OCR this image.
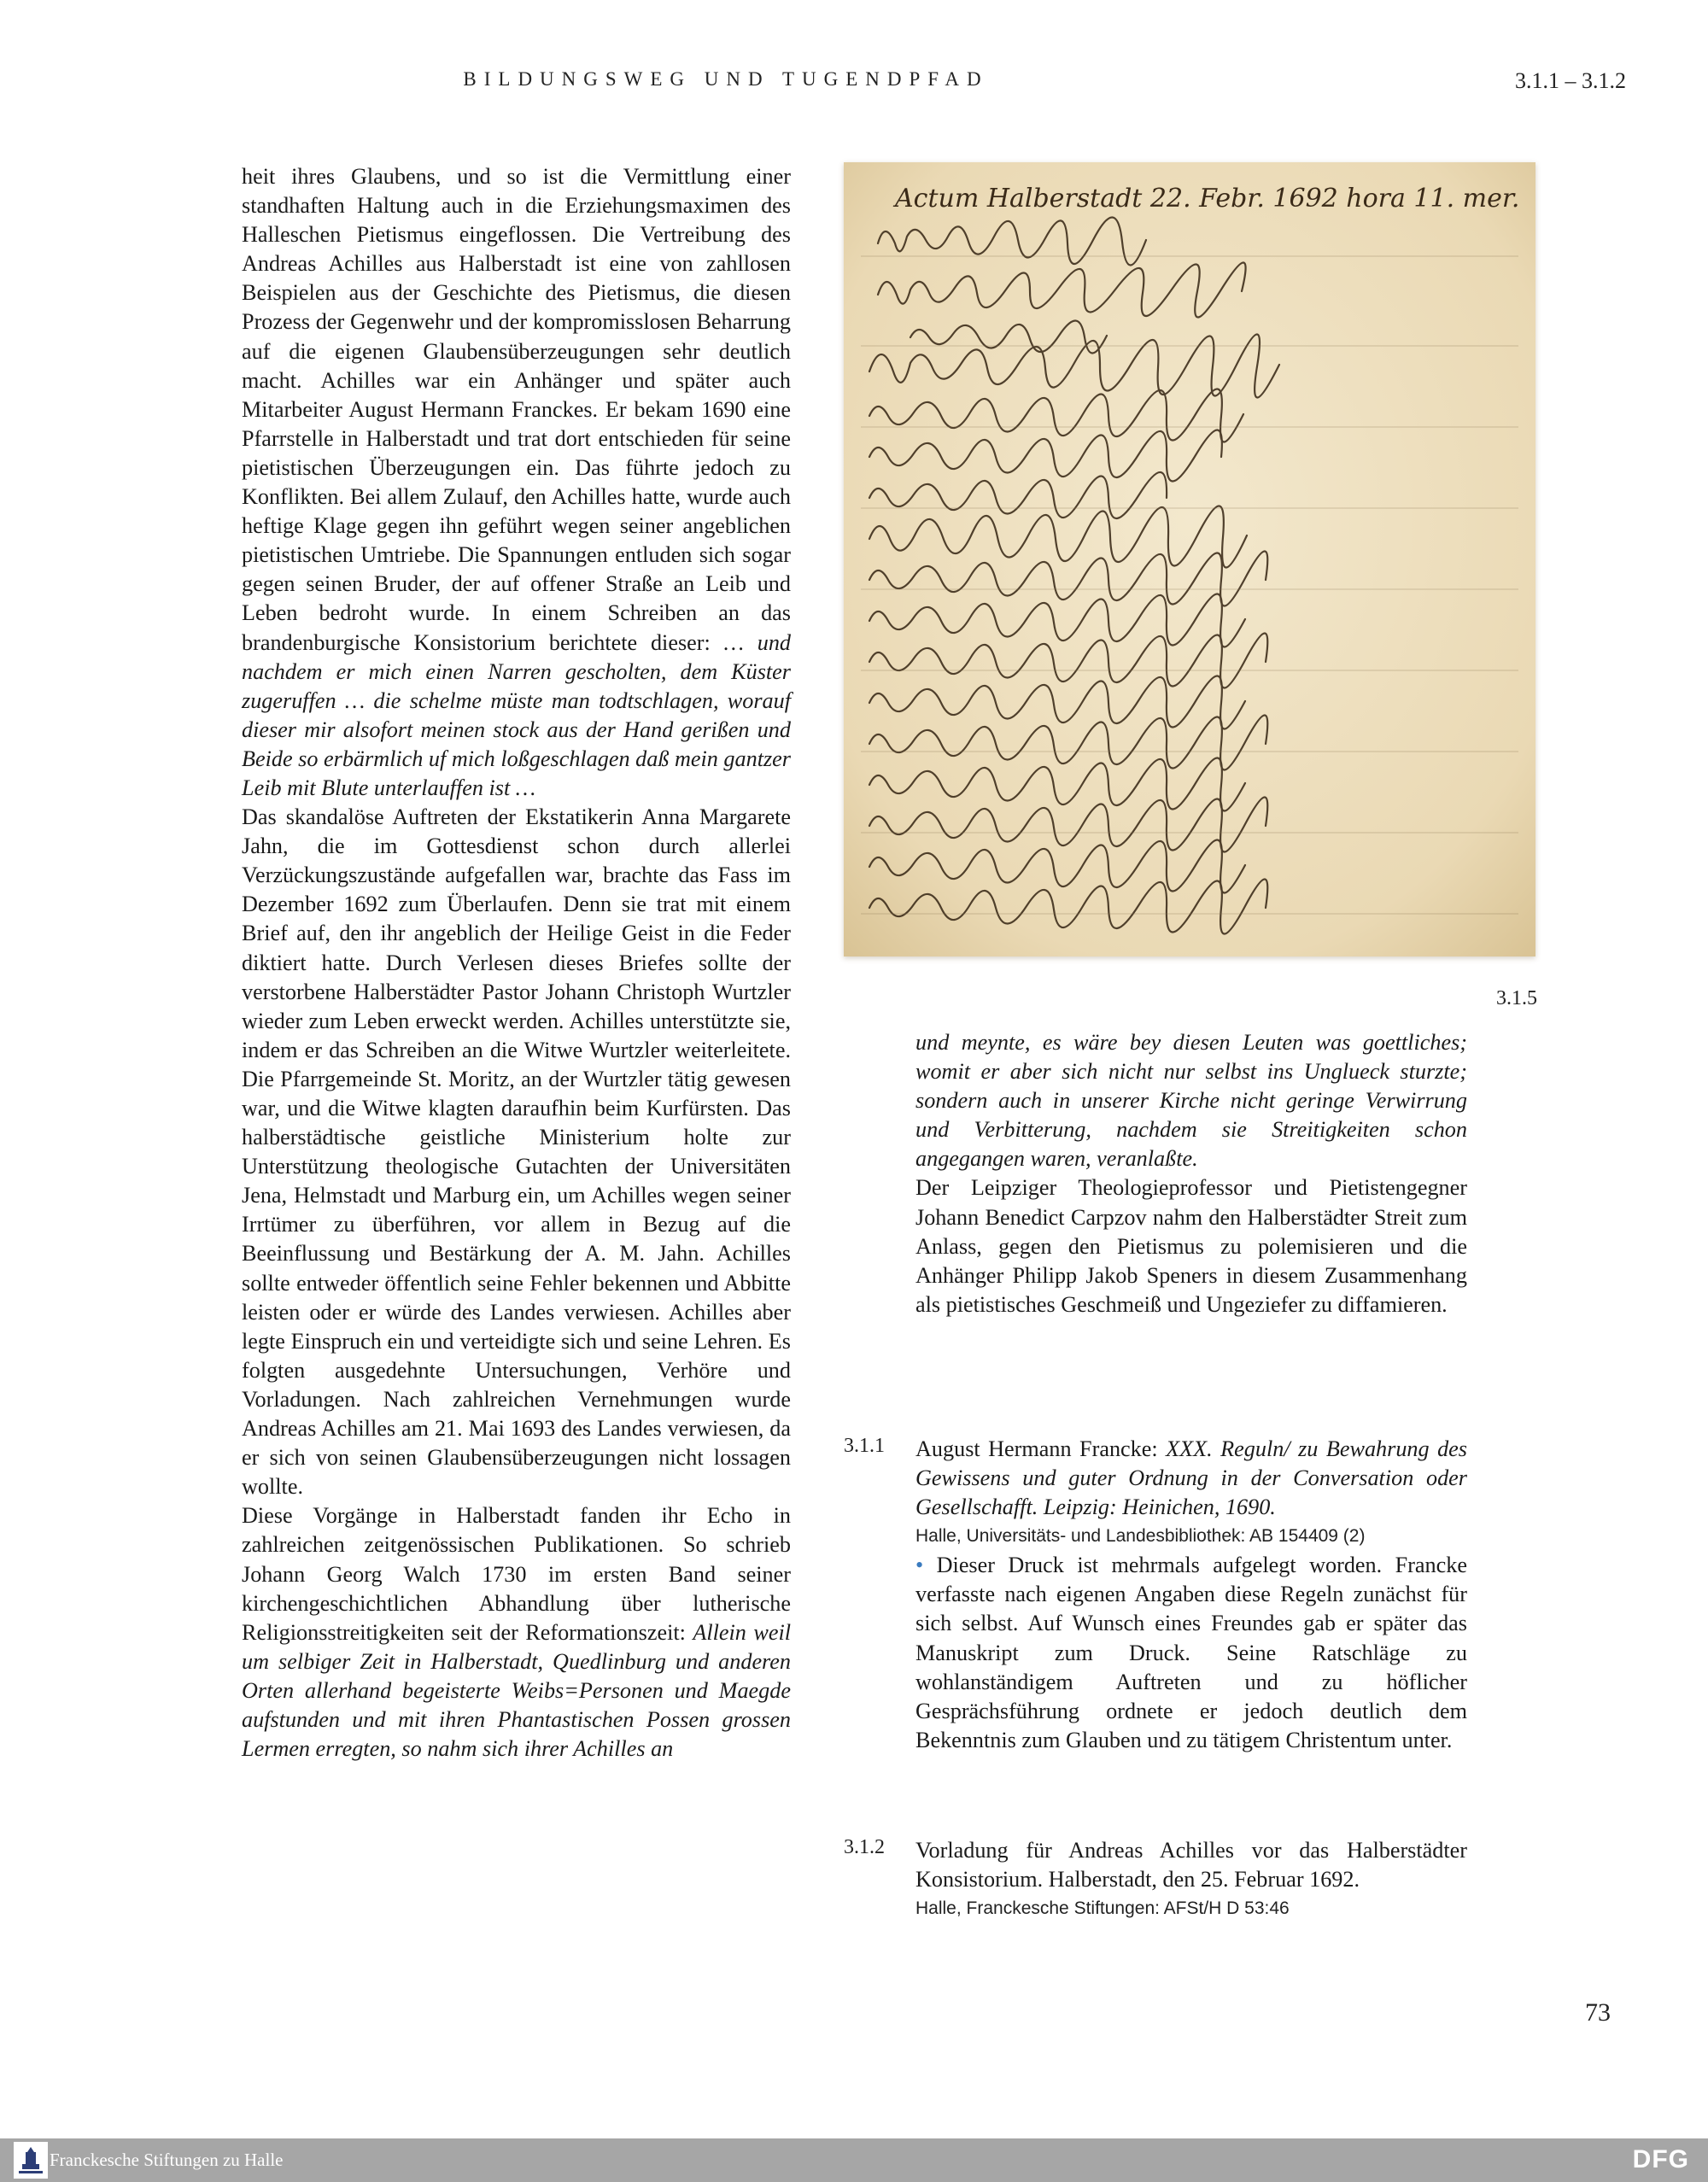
BILDUNGSWEG UND TUGENDPFAD	3.1.1 – 3.1.2

heit ihres Glaubens, und so ist die Vermittlung einer standhaften Haltung auch in die Erziehungsmaximen des Halleschen Pietismus eingeflossen. Die Vertreibung des Andreas Achilles aus Halberstadt ist eine von zahllosen Beispielen aus der Geschichte des Pietismus, die diesen Prozess der Gegenwehr und der kompromisslosen Beharrung auf die eigenen Glaubensüberzeugungen sehr deutlich macht. Achilles war ein Anhänger und später auch Mitarbeiter August Hermann Franckes. Er bekam 1690 eine Pfarrstelle in Halberstadt und trat dort entschieden für seine pietistischen Überzeugungen ein. Das führte jedoch zu Konflikten. Bei allem Zulauf, den Achilles hatte, wurde auch heftige Klage gegen ihn geführt wegen seiner angeblichen pietistischen Umtriebe. Die Spannungen entluden sich sogar gegen seinen Bruder, der auf offener Straße an Leib und Leben bedroht wurde. In einem Schreiben an das brandenburgische Konsistorium berichtete dieser: … und nachdem er mich einen Narren gescholten, dem Küster zugeruffen … die schelme müste man todtschlagen, worauf dieser mir alsofort meinen stock aus der Hand gerißen und Beide so erbärmlich uf mich loßgeschlagen daß mein gantzer Leib mit Blute unterlauffen ist …

Das skandalöse Auftreten der Ekstatikerin Anna Margarete Jahn, die im Gottesdienst schon durch allerlei Verzückungszustände aufgefallen war, brachte das Fass im Dezember 1692 zum Überlaufen. Denn sie trat mit einem Brief auf, den ihr angeblich der Heilige Geist in die Feder diktiert hatte. Durch Verlesen dieses Briefes sollte der verstorbene Halberstädter Pastor Johann Christoph Wurtzler wieder zum Leben erweckt werden. Achilles unterstützte sie, indem er das Schreiben an die Witwe Wurtzler weiterleitete. Die Pfarrgemeinde St. Moritz, an der Wurtzler tätig gewesen war, und die Witwe klagten daraufhin beim Kurfürsten. Das halberstädtische geistliche Ministerium holte zur Unterstützung theologische Gutachten der Universitäten Jena, Helmstadt und Marburg ein, um Achilles wegen seiner Irrtümer zu überführen, vor allem in Bezug auf die Beeinflussung und Bestärkung der A. M. Jahn. Achilles sollte entweder öffentlich seine Fehler bekennen und Abbitte leisten oder er würde des Landes verwiesen. Achilles aber legte Einspruch ein und verteidigte sich und seine Lehren. Es folgten ausgedehnte Untersuchungen, Verhöre und Vorladungen. Nach zahlreichen Vernehmungen wurde Andreas Achilles am 21. Mai 1693 des Landes verwiesen, da er sich von seinen Glaubensüberzeugungen nicht lossagen wollte.

Diese Vorgänge in Halberstadt fanden ihr Echo in zahlreichen zeitgenössischen Publikationen. So schrieb Johann Georg Walch 1730 im ersten Band seiner kirchengeschichtlichen Abhandlung über lutherische Religionsstreitigkeiten seit der Reformationszeit: Allein weil um selbiger Zeit in Halberstadt, Quedlinburg und anderen Orten allerhand begeisterte Weibs=Personen und Maegde aufstunden und mit ihren Phantastischen Possen grossen Lermen erregten, so nahm sich ihrer Achilles an

Actum Halberstadt 22. Febr. 1692 hora 11. mer.
3.1.5

und meynte, es wäre bey diesen Leuten was goettliches; womit er aber sich nicht nur selbst ins Unglueck sturzte; sondern auch in unserer Kirche nicht geringe Verwirrung und Verbitterung, nachdem sie Streitigkeiten schon angegangen waren, veranlaßte.

Der Leipziger Theologieprofessor und Pietistengegner Johann Benedict Carpzov nahm den Halberstädter Streit zum Anlass, gegen den Pietismus zu polemisieren und die Anhänger Philipp Jakob Speners in diesem Zusammenhang als pietistisches Geschmeiß und Ungeziefer zu diffamieren.

3.1.1 August Hermann Francke: XXX. Reguln/ zu Bewahrung des Gewissens und guter Ordnung in der Conversation oder Gesellschafft. Leipzig: Heinichen, 1690.
Halle, Universitäts- und Landesbibliothek: AB 154409 (2)
• Dieser Druck ist mehrmals aufgelegt worden. Francke verfasste nach eigenen Angaben diese Regeln zunächst für sich selbst. Auf Wunsch eines Freundes gab er später das Manuskript zum Druck. Seine Ratschläge zu wohlanständigem Auftreten und zu höflicher Gesprächsführung ordnete er jedoch deutlich dem Bekenntnis zum Glauben und zu tätigem Christentum unter.
3.1.2 Vorladung für Andreas Achilles vor das Halberstädter Konsistorium. Halberstadt, den 25. Februar 1692.
Halle, Franckesche Stiftungen: AFSt/H D 53:46
73
Franckesche Stiftungen zu Halle	DFG
